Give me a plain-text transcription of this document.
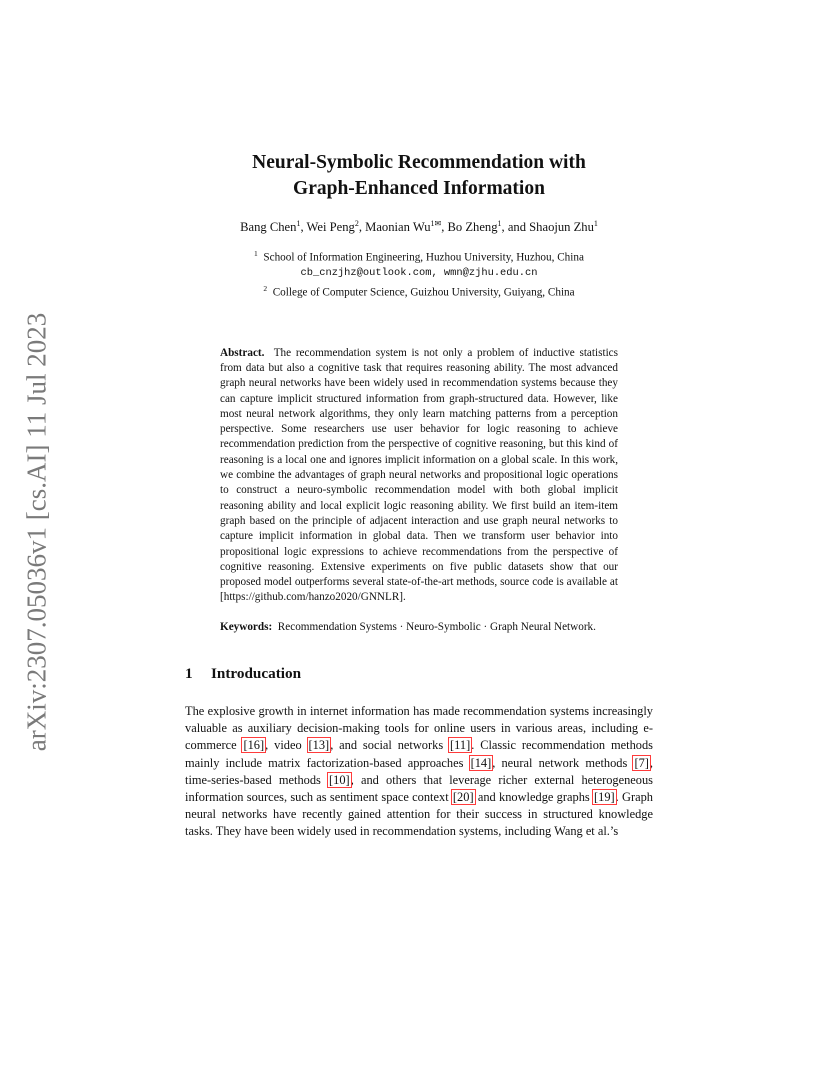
arXiv:2307.05036v1 [cs.AI] 11 Jul 2023
Neural-Symbolic Recommendation with
Graph-Enhanced Information
Bang Chen$^1$, Wei Peng$^2$, Maonian $Wu^{1✉}$, Bo Zheng$^1$, and Shaojun Zhu$^1$
$^1$ School of Information Engineering, Huzhou University, Huzhou, China
cb_cnzjhz@outlook.com, wmn@zjhu.edu.cn
$^2$ College of Computer Science, Guizhou University, Guiyang, China
Abstract. The recommendation system is not only a problem of inductive statistics from data but also a cognitive task that requires reasoning ability. The most advanced graph neural networks have been widely used in recommendation systems because they can capture implicit structured information from graph-structured data. However, like most neural network algorithms, they only learn matching patterns from a perception perspective. Some researchers use user behavior for logic reasoning to achieve recommendation prediction from the perspective of cognitive reasoning, but this kind of reasoning is a local one and ignores implicit information on a global scale. In this work, we combine the advantages of graph neural networks and propositional logic operations to construct a neuro-symbolic recommendation model with both global implicit reasoning ability and local explicit logic reasoning ability. We first build an item-item graph based on the principle of adjacent interaction and use graph neural networks to capture implicit information in global data. Then we transform user behavior into propositional logic expressions to achieve recommendations from the perspective of cognitive reasoning. Extensive experiments on five public datasets show that our proposed model outperforms several state-of-the-art methods, source code is available at [https://github.com/hanzo2020/GNNLR].
Keywords: Recommendation Systems · Neuro-Symbolic · Graph Neural Network.
1 Introducation
The explosive growth in internet information has made recommendation systems increasingly valuable as auxiliary decision-making tools for online users in various areas, including e-commerce [16], video [13], and social networks [11]. Classic recommendation methods mainly include matrix factorization-based approaches [14], neural network methods [7], time-series-based methods [10], and others that leverage richer external heterogeneous information sources, such as sentiment space context [20] and knowledge graphs [19]. Graph neural networks have recently gained attention for their success in structured knowledge tasks. They have been widely used in recommendation systems, including Wang et al.’s
